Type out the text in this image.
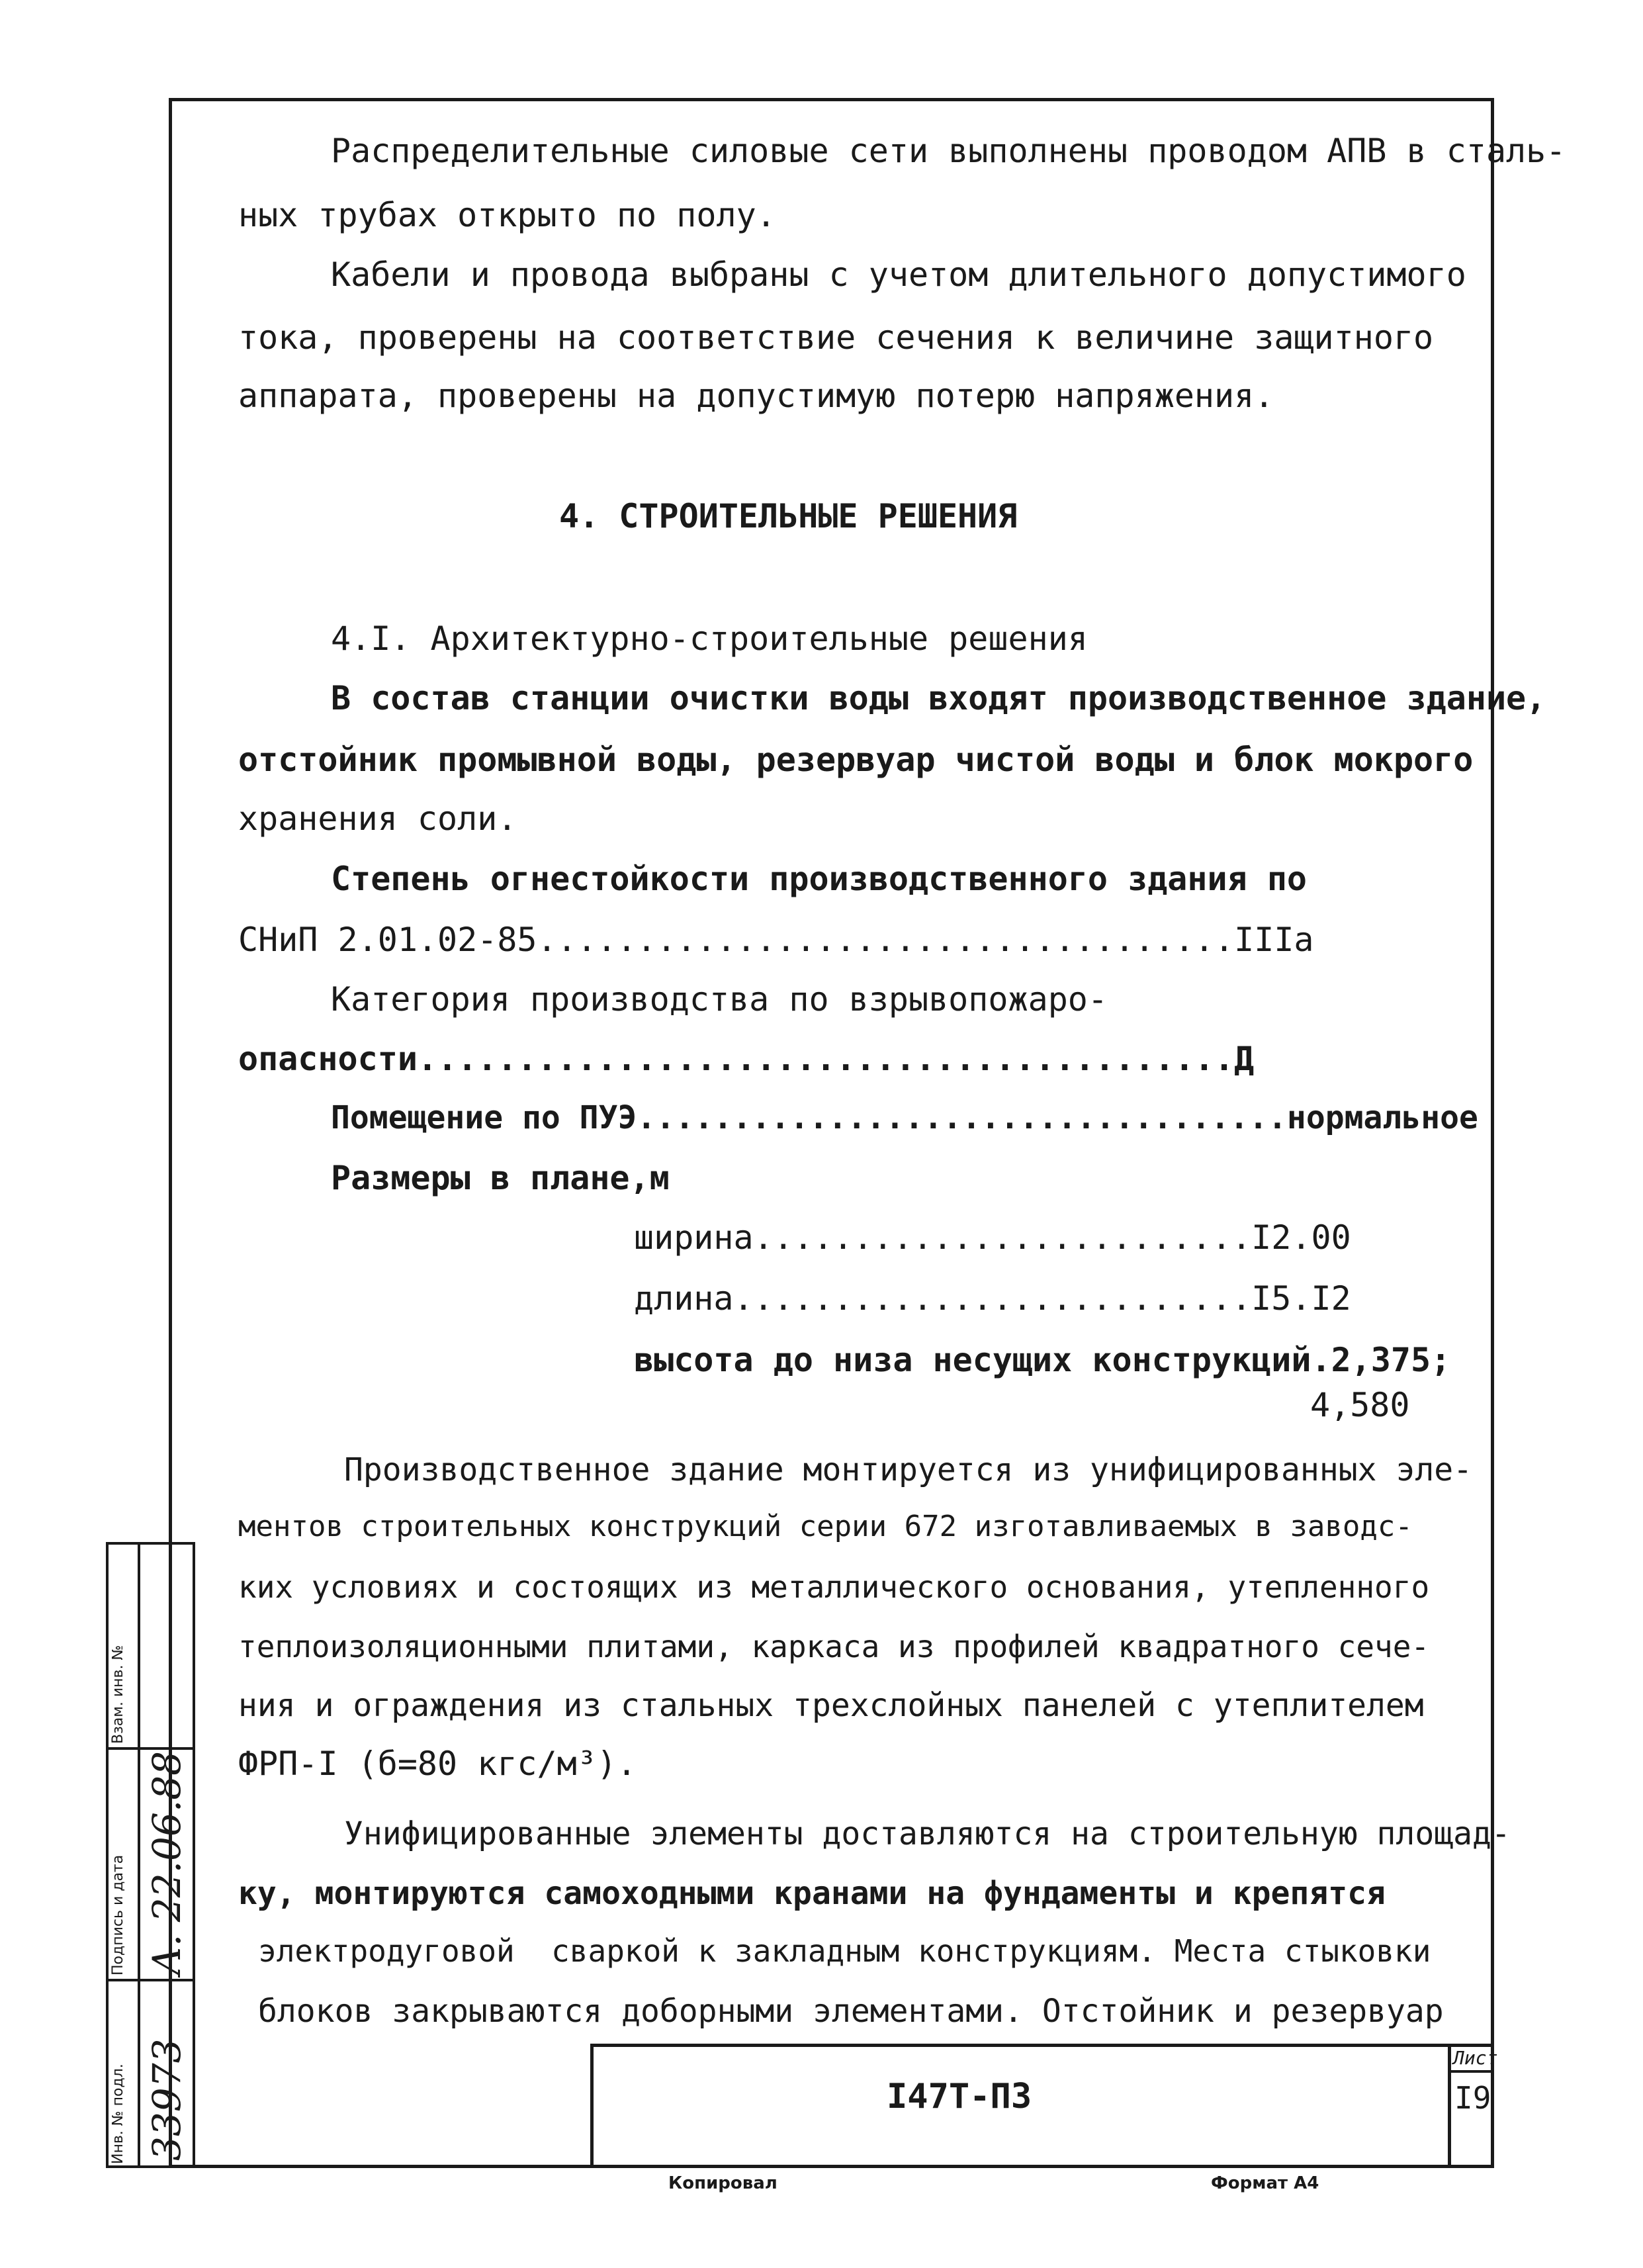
Распределительные силовые сети выполнены проводом АПВ в сталь-
ных трубах открыто по полу.
Кабели и провода выбраны с учетом длительного допустимого
тока, проверены на соответствие сечения к величине защитного
аппарата, проверены на допустимую потерю напряжения.
4. СТРОИТЕЛЬНЫЕ РЕШЕНИЯ
4.I. Архитектурно-строительные решения
В состав станции очистки воды входят производственное здание,
отстойник промывной воды, резервуар чистой воды и блок мокрого
хранения соли.
Степень огнестойкости производственного здания по
СНиП 2.01.02-85...................................IIIа
Категория производства по взрывопожаро-
опасности.........................................Д
Помещение по ПУЭ..................................нормальное
Размеры в плане,м
ширина.........................I2.00
длина..........................I5.I2
высота до низа несущих конструкций.2,375;
4,580
Производственное здание монтируется из унифицированных эле-
ментов строительных конструкций серии 672 изготавливаемых в заводс-
ких условиях и состоящих из металлического основания, утепленного
теплоизоляционными плитами, каркаса из профилей квадратного сече-
ния и ограждения из стальных трехслойных панелей с утеплителем
ФРП-I (б=80 кгс/м³).
Унифицированные элементы доставляются на строительную площад-
ку, монтируются самоходными кранами на фундаменты и крепятся
электродуговой  сваркой к закладным конструкциям. Места стыковки
блоков закрываются доборными элементами. Отстойник и резервуар
I47Т-ПЗ
Лист
I9
Копировал	Формат А4
Взам. инв. №
Подпись и дата
Инв. № подл.
А. 22.06.88
33973
